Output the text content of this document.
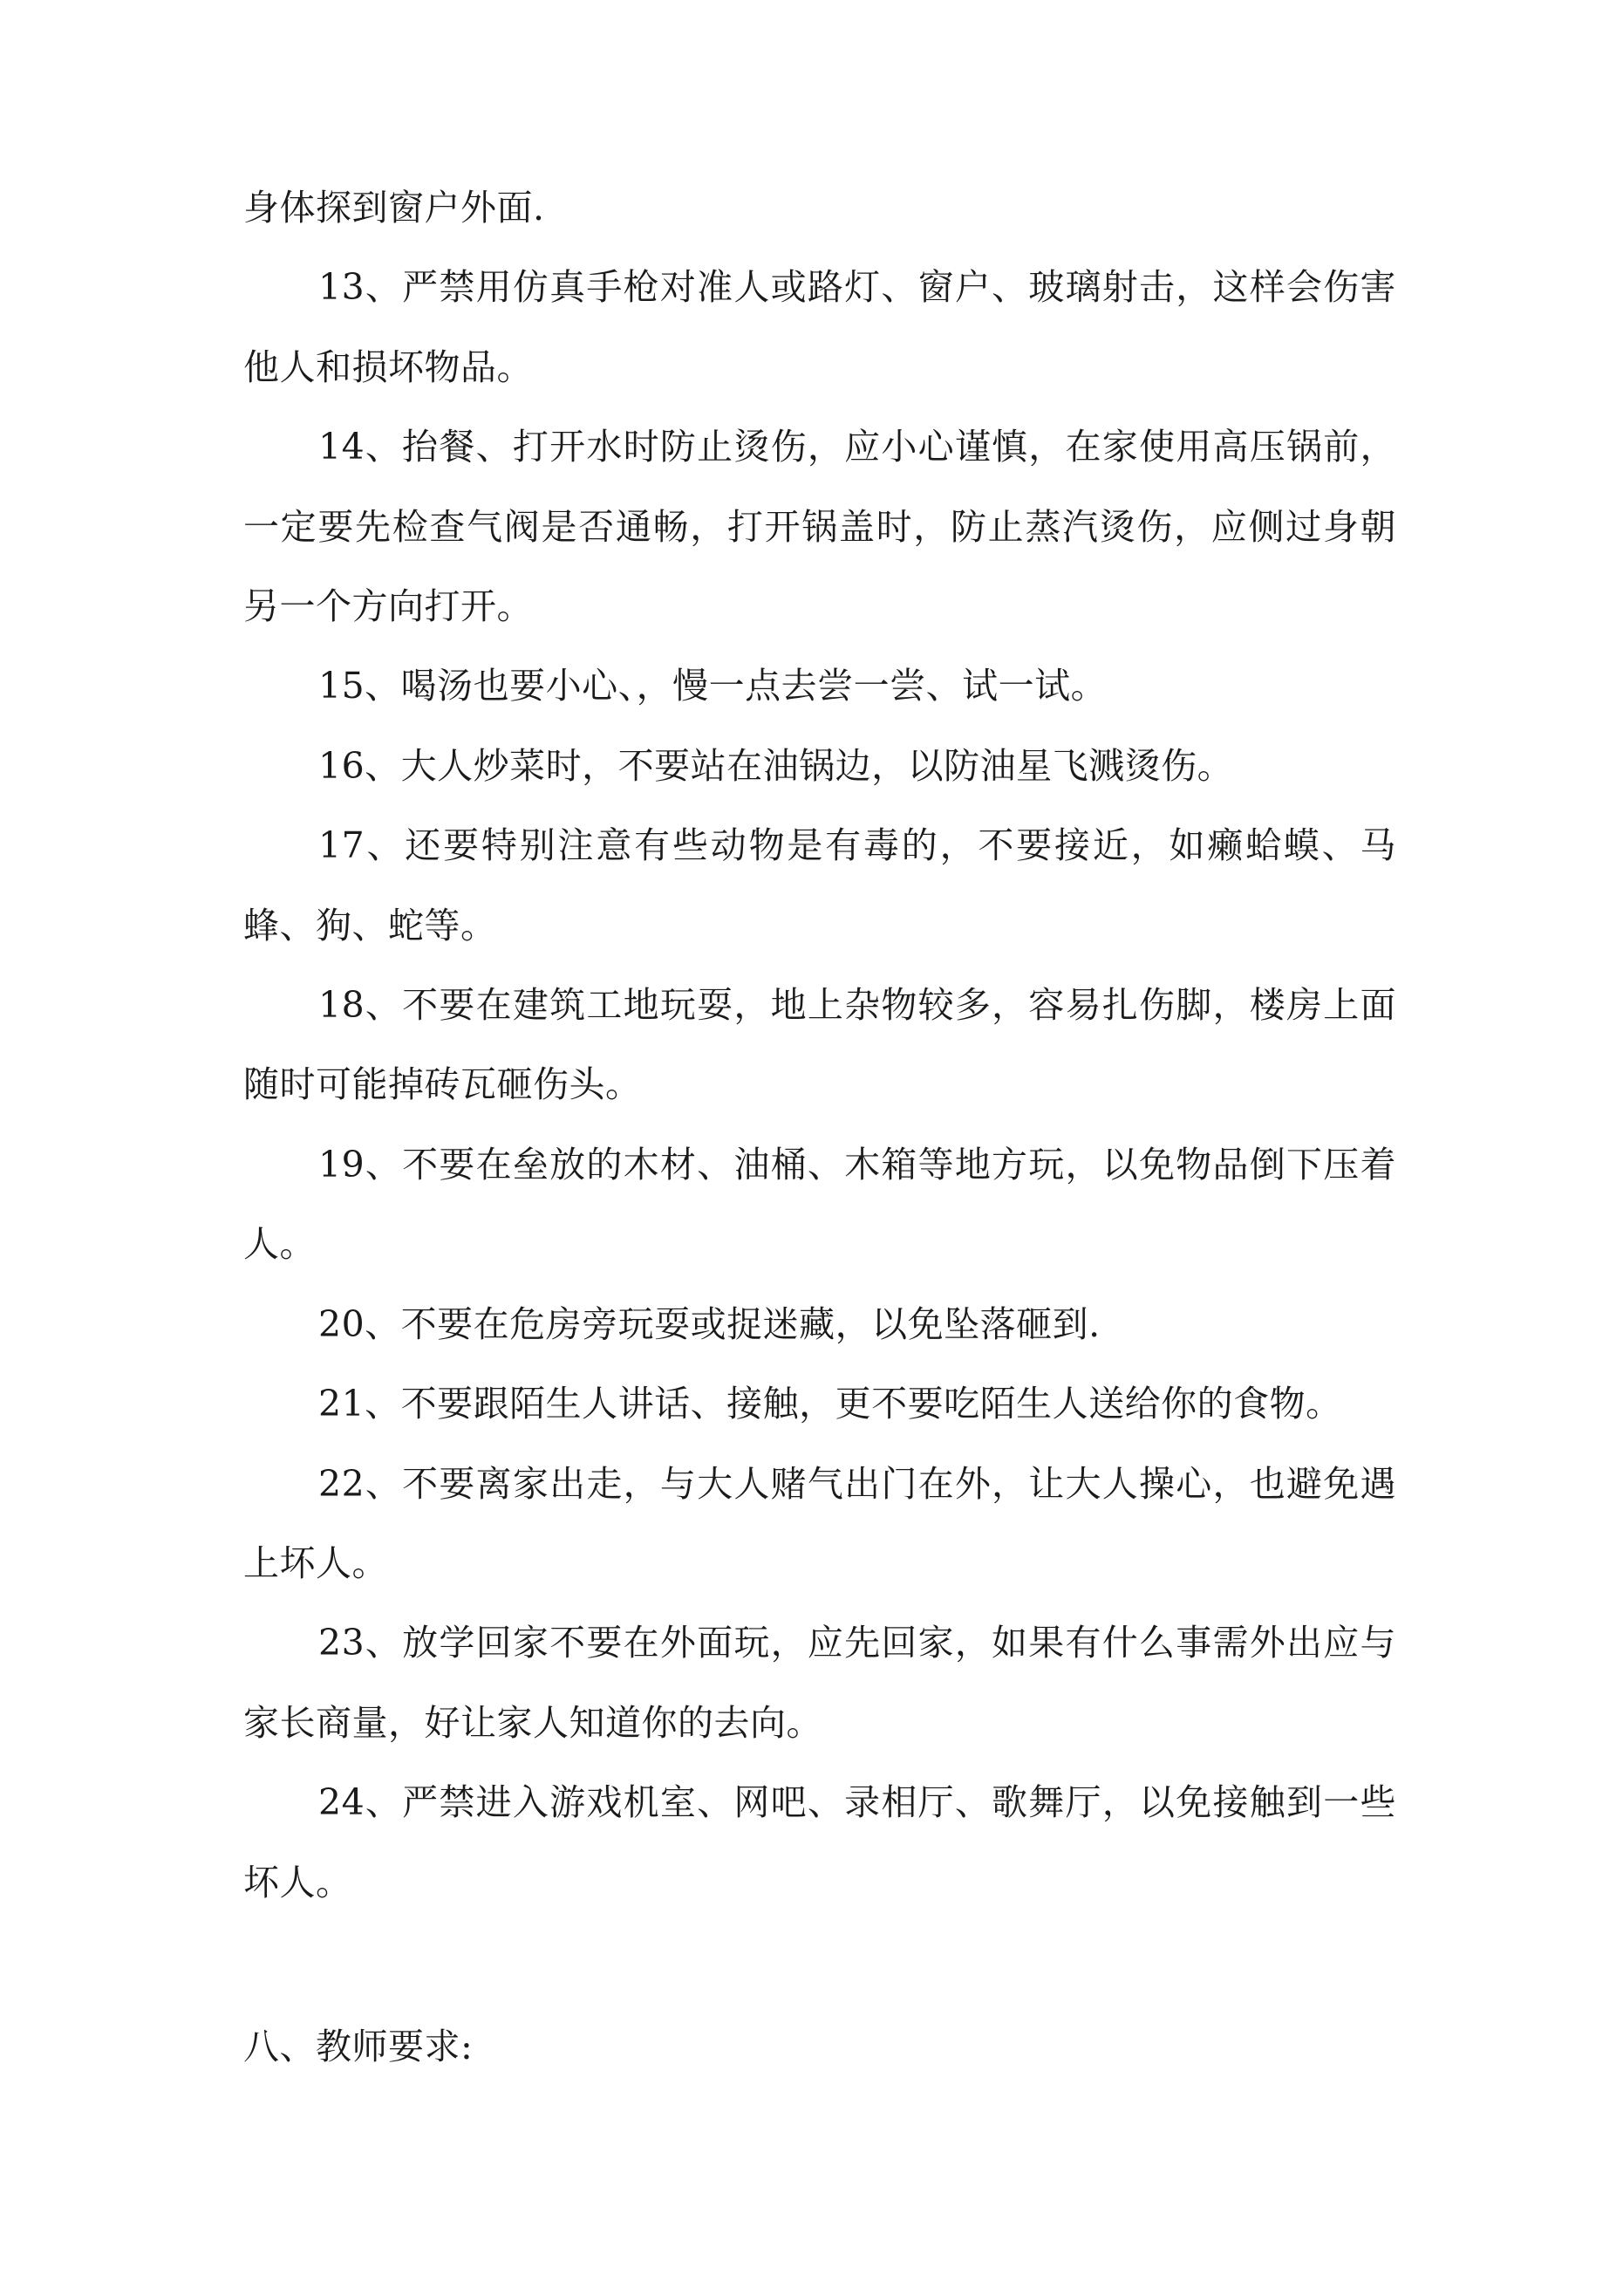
身体探到窗户外面.

13、严禁用仿真手枪对准人或路灯、窗户、玻璃射击，这样会伤害他人和损坏物品。

14、抬餐、打开水时防止烫伤，应小心谨慎，在家使用高压锅前，一定要先检查气阀是否通畅，打开锅盖时，防止蒸汽烫伤，应侧过身朝另一个方向打开。

15、喝汤也要小心、，慢一点去尝一尝、试一试。

16、大人炒菜时，不要站在油锅边，以防油星飞溅烫伤。

17、还要特别注意有些动物是有毒的，不要接近，如癞蛤蟆、马蜂、狗、蛇等。

18、不要在建筑工地玩耍，地上杂物较多，容易扎伤脚，楼房上面随时可能掉砖瓦砸伤头。

19、不要在垒放的木材、油桶、木箱等地方玩，以免物品倒下压着人。

20、不要在危房旁玩耍或捉迷藏，以免坠落砸到.

21、不要跟陌生人讲话、接触，更不要吃陌生人送给你的食物。

22、不要离家出走，与大人赌气出门在外，让大人操心，也避免遇上坏人。

23、放学回家不要在外面玩，应先回家，如果有什么事需外出应与家长商量，好让家人知道你的去向。

24、严禁进入游戏机室、网吧、录相厅、歌舞厅，以免接触到一些坏人。

八、教师要求:
